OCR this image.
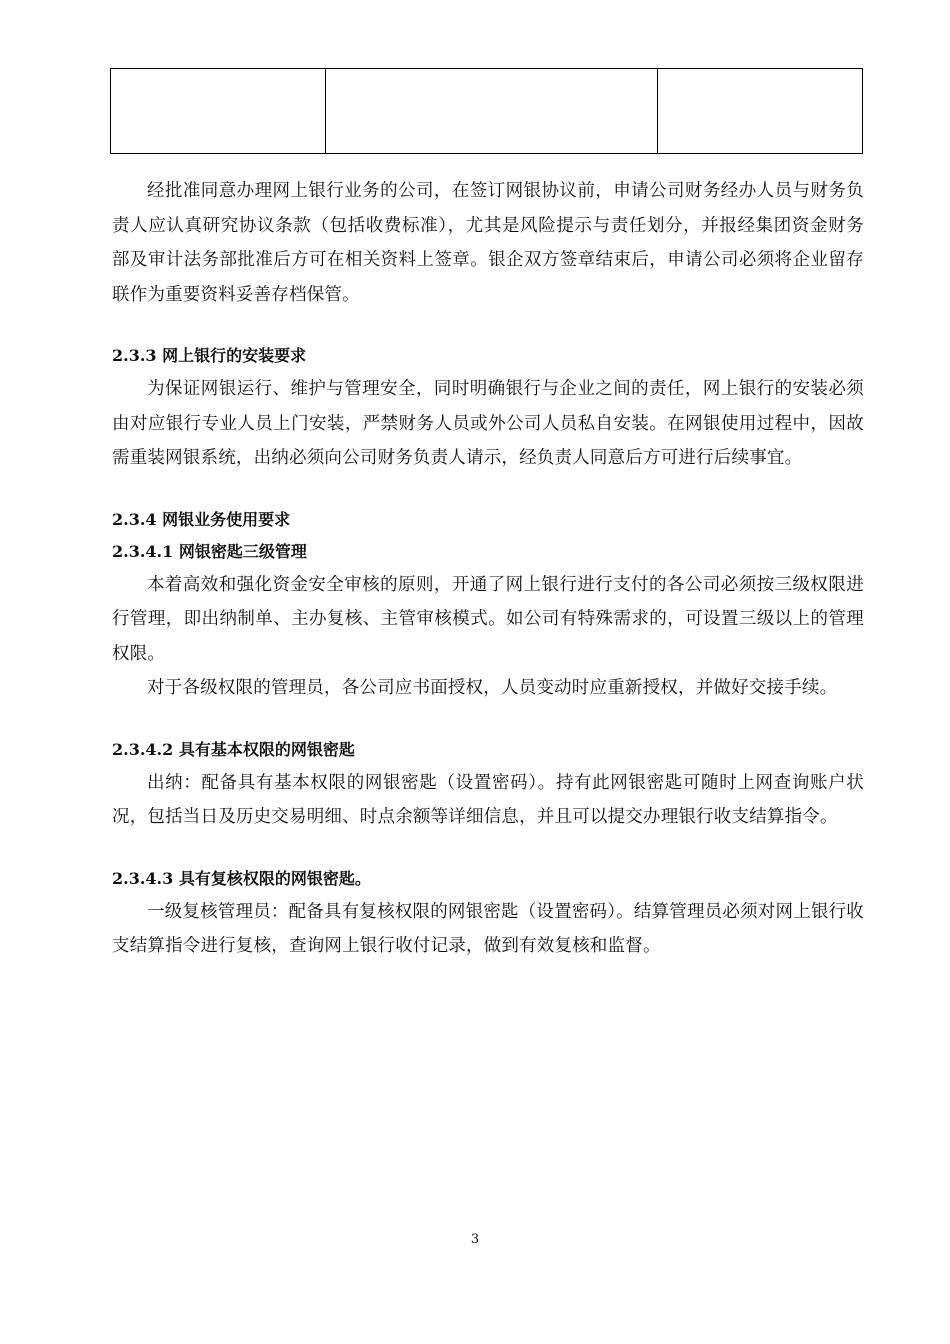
经批准同意办理网上银行业务的公司，在签订网银协议前，申请公司财务经办人员与财务负责人应认真研究协议条款（包括收费标准），尤其是风险提示与责任划分，并报经集团资金财务部及审计法务部批准后方可在相关资料上签章。银企双方签章结束后，申请公司必须将企业留存联作为重要资料妥善存档保管。

2.3.3 网上银行的安装要求

为保证网银运行、维护与管理安全，同时明确银行与企业之间的责任，网上银行的安装必须由对应银行专业人员上门安装，严禁财务人员或外公司人员私自安装。在网银使用过程中，因故需重装网银系统，出纳必须向公司财务负责人请示，经负责人同意后方可进行后续事宜。

2.3.4 网银业务使用要求
2.3.4.1 网银密匙三级管理

本着高效和强化资金安全审核的原则，开通了网上银行进行支付的各公司必须按三级权限进行管理，即出纳制单、主办复核、主管审核模式。如公司有特殊需求的，可设置三级以上的管理权限。

对于各级权限的管理员，各公司应书面授权，人员变动时应重新授权，并做好交接手续。

2.3.4.2 具有基本权限的网银密匙

出纳：配备具有基本权限的网银密匙（设置密码）。持有此网银密匙可随时上网查询账户状况，包括当日及历史交易明细、时点余额等详细信息，并且可以提交办理银行收支结算指令。

2.3.4.3 具有复核权限的网银密匙。

一级复核管理员：配备具有复核权限的网银密匙（设置密码）。结算管理员必须对网上银行收支结算指令进行复核，查询网上银行收付记录，做到有效复核和监督。

3
